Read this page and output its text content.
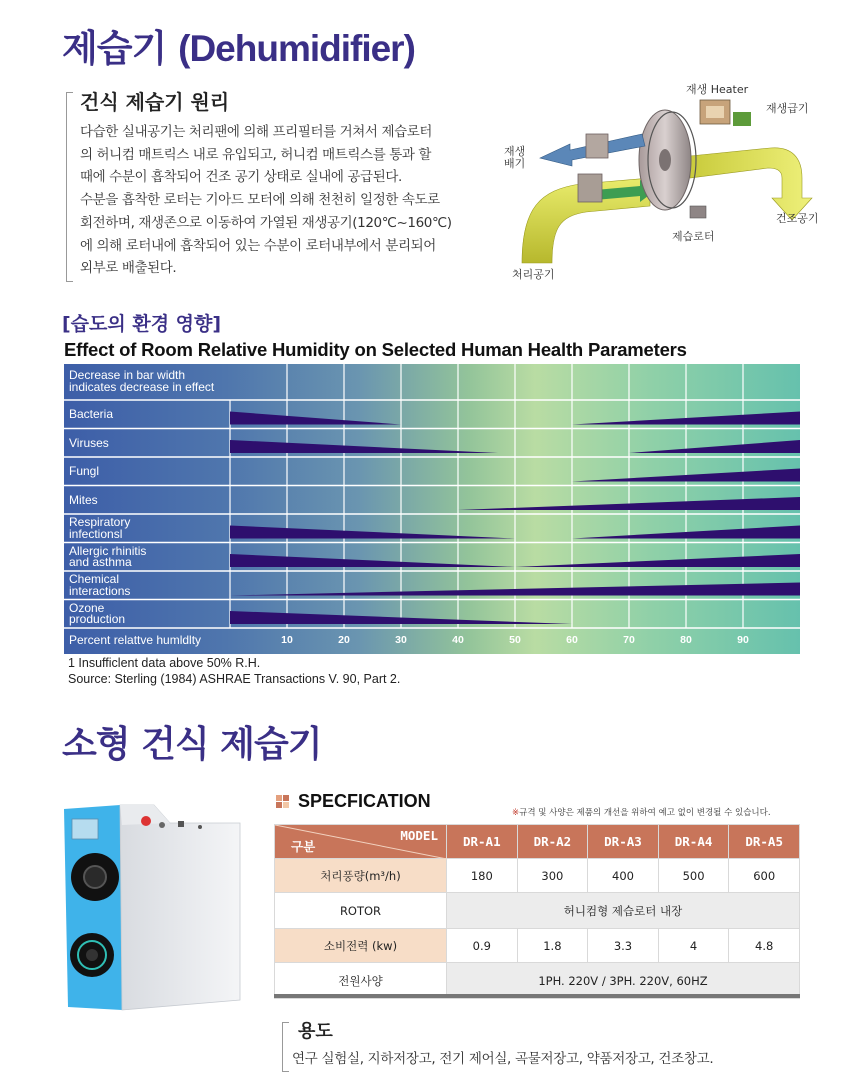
제습기 (Dehumidifier)
건식 제습기 원리
다습한 실내공기는 처리팬에 의해 프리필터를 거쳐서 제습로터
의 허니컴 매트릭스 내로 유입되고, 허니컴 매트릭스를 통과 할
때에 수분이 흡착되어 건조 공기 상태로 실내에 공급된다.
수분을 흡착한 로터는 기아드 모터에 의해 천천히 일정한 속도로
회전하며, 재생존으로 이동하여 가열된 재생공기(120℃~160℃)
에 의해 로터내에 흡착되어 있는 수분이 로터내부에서 분리되어
외부로 배출된다.
재생 Heater
재생급기
재생
배기
건조공기
제습로터
처리공기
[습도의 환경 영향]
Effect of Room Relative Humidity on Selected Human Health Parameters
Decrease in bar width
indicates decrease in effect
Percent relattve humldlty
Bacteria
Viruses
Fungl
Mites
Respiratory
infectionsl
Allergic rhinitis
and asthma
Chemical
interactions
Ozone
production
10	20	30	40	50	60	70	80	90
1 Insufficlent data above 50% R.H.
Source: Sterling (1984) ASHRAE Transactions V. 90, Part 2.
소형 건식 제습기
SPECFICATION
※규격 및 사양은 제품의 개선을 위하여 예고 없이 변경될 수 있습니다.
MODEL
구분	DR-A1	DR-A2	DR-A3	DR-A4	DR-A5
처리풍량(m³/h)	180	300	400	500	600
ROTOR	허니컴형 제습로터 내장				
소비전력 (kw)	0.9	1.8	3.3	4	4.8
전원사양	1PH. 220V / 3PH. 220V, 60HZ				
용도
연구 실험실, 지하저장고, 전기 제어실, 곡물저장고, 약품저장고, 건조창고.
